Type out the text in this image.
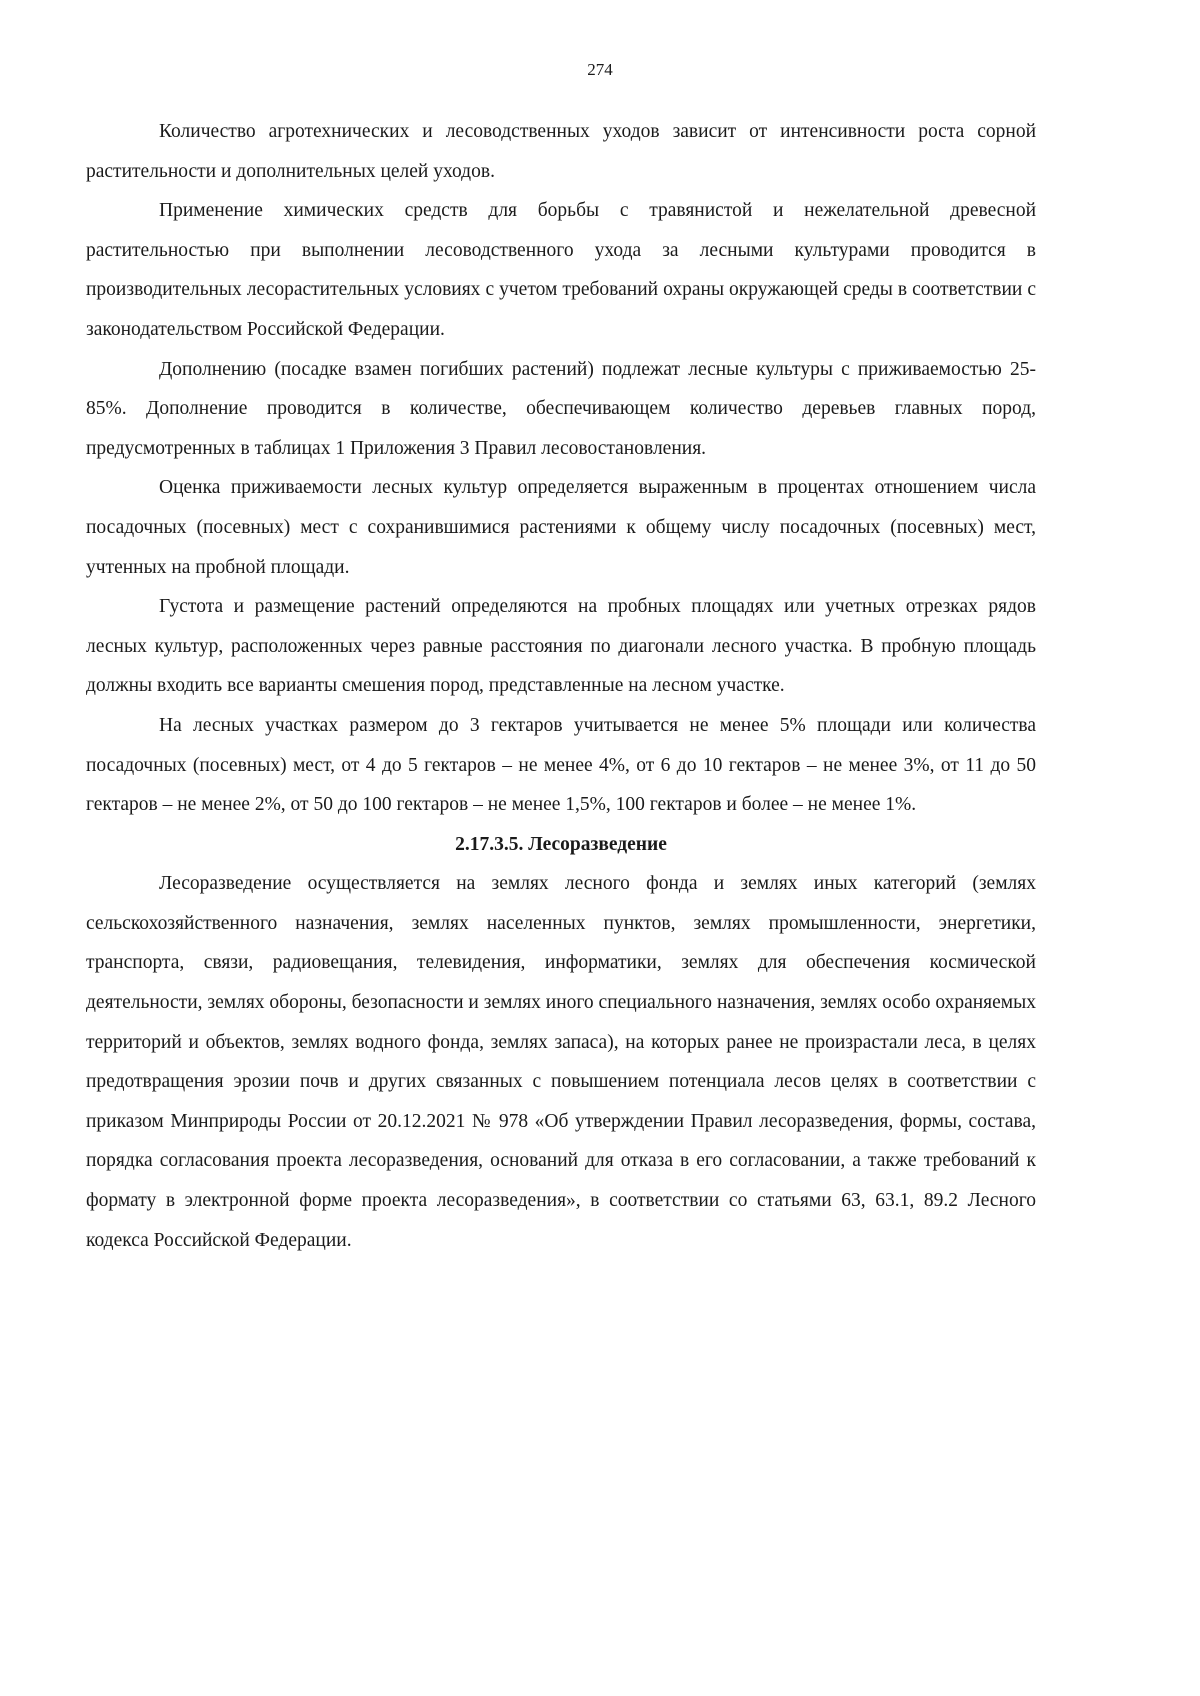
274

Количество агротехнических и лесоводственных уходов зависит от интенсивности роста сорной растительности и дополнительных целей уходов.

Применение химических средств для борьбы с травянистой и нежелательной древесной растительностью при выполнении лесоводственного ухода за лесными культурами проводится в производительных лесорастительных условиях с учетом требований охраны окружающей среды в соответствии с законодательством Российской Федерации.

Дополнению (посадке взамен погибших растений) подлежат лесные культуры с приживаемостью 25-85%. Дополнение проводится в количестве, обеспечивающем количество деревьев главных пород, предусмотренных в таблицах 1 Приложения 3 Правил лесовостановления.

Оценка приживаемости лесных культур определяется выраженным в процентах отношением числа посадочных (посевных) мест с сохранившимися растениями к общему числу посадочных (посевных) мест, учтенных на пробной площади.

Густота и размещение растений определяются на пробных площадях или учетных отрезках рядов лесных культур, расположенных через равные расстояния по диагонали лесного участка. В пробную площадь должны входить все варианты смешения пород, представленные на лесном участке.

На лесных участках размером до 3 гектаров учитывается не менее 5% площади или количества посадочных (посевных) мест, от 4 до 5 гектаров – не менее 4%, от 6 до 10 гектаров – не менее 3%, от 11 до 50 гектаров – не менее 2%, от 50 до 100 гектаров – не менее 1,5%, 100 гектаров и более – не менее 1%.

2.17.3.5. Лесоразведение

Лесоразведение осуществляется на землях лесного фонда и землях иных категорий (землях сельскохозяйственного назначения, землях населенных пунктов, землях промышленности, энергетики, транспорта, связи, радиовещания, телевидения, информатики, землях для обеспечения космической деятельности, землях обороны, безопасности и землях иного специального назначения, землях особо охраняемых территорий и объектов, землях водного фонда, землях запаса), на которых ранее не произрастали леса, в целях предотвращения эрозии почв и других связанных с повышением потенциала лесов целях в соответствии с приказом Минприроды России от 20.12.2021 № 978 «Об утверждении Правил лесоразведения, формы, состава, порядка согласования проекта лесоразведения, оснований для отказа в его согласовании, а также требований к формату в электронной форме проекта лесоразведения», в соответствии со статьями 63, 63.1, 89.2 Лесного кодекса Российской Федерации.
